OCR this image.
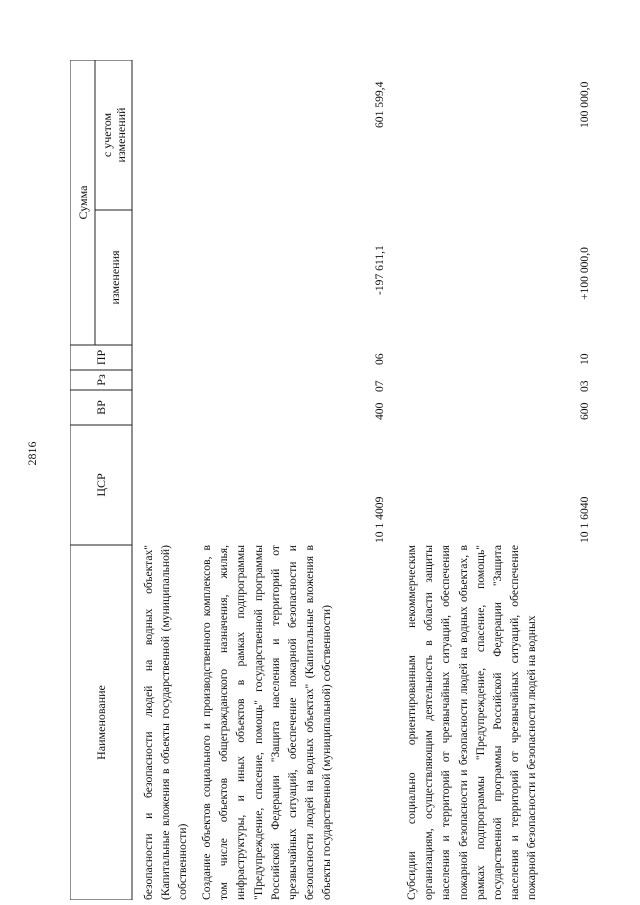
2816
Наименование
ЦСР
ВР
Рз
ПР
Сумма
изменения
с учетом изменений
безопасности и безопасности людей на водных объектах" (Капитальные вложения в объекты государственной (муниципальной) собственности) Создание объектов социального и производственного комплексов, в том числе объектов общегражданского назначения, жилья, инфраструктуры, и иных объектов в рамках подпрограммы "Предупреждение, спасение, помощь" государственной программы Российской Федерации "Защита населения и территорий от чрезвычайных ситуаций, обеспечение пожарной безопасности и безопасности людей на водных объектах" (Капитальные вложения в объекты государственной (муниципальной) собственности)
10 1 4009
400
07
06
-197 611,1
601 599,4
Субсидии социально ориентированным некоммерческим организациям, осуществляющим деятельность в области защиты населения и территорий от чрезвычайных ситуаций, обеспечения пожарной безопасности и безопасности людей на водных объектах, в рамках подпрограммы "Предупреждение, спасение, помощь" государственной программы Российской Федерации "Защита населения и территорий от чрезвычайных ситуаций, обеспечение пожарной безопасности и безопасности людей на водных
10 1 6040
600
03
10
+100 000,0
100 000,0
